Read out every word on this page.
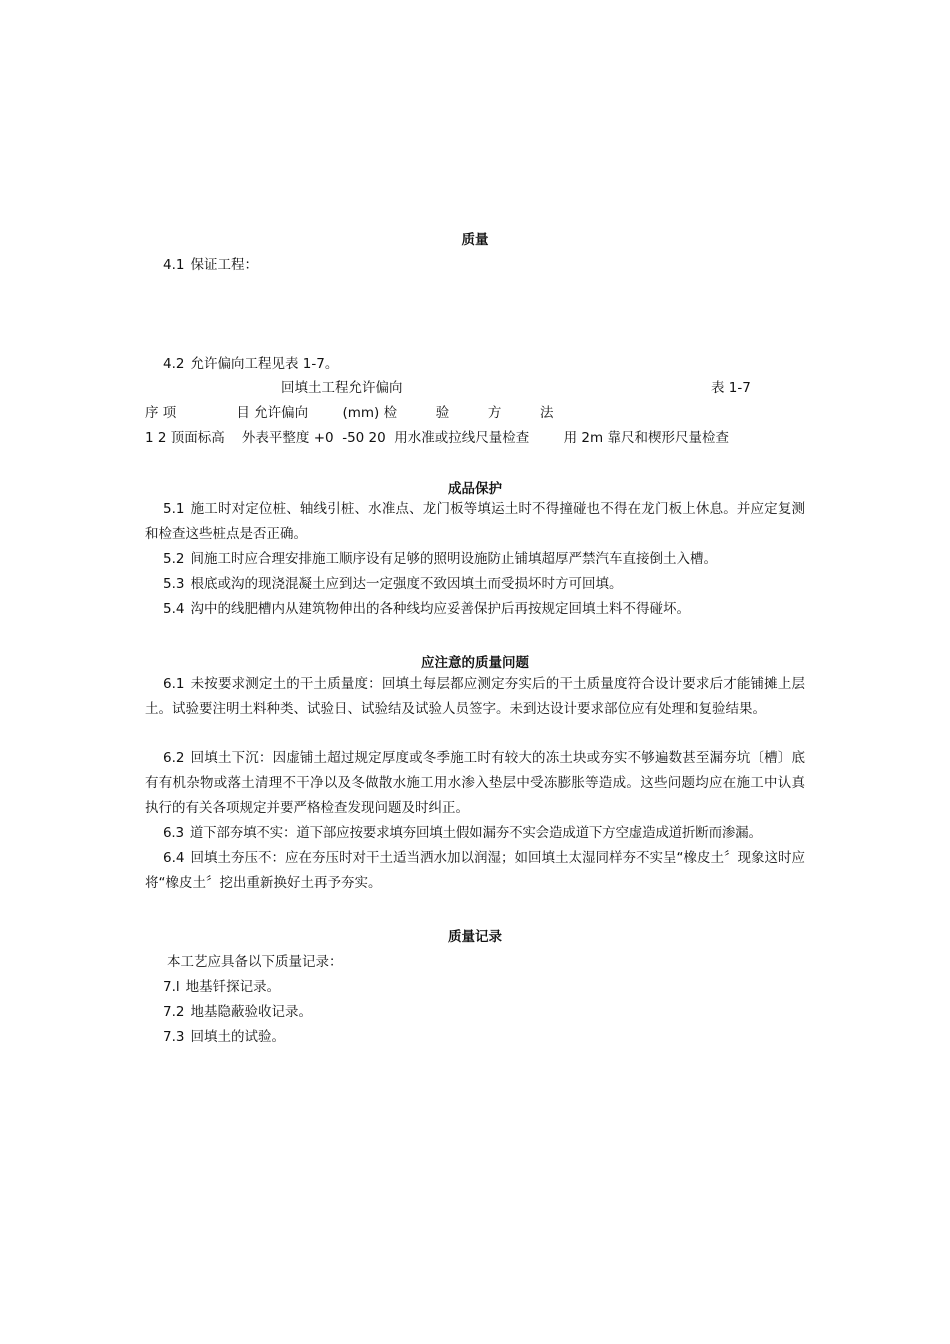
质量
4.1 保证工程：
4.2 允许偏向工程见表 1-7。
回填土工程允许偏向	表 1-7
序 项              目 允许偏向        (mm) 检         验         方         法
1 2 顶面标高    外表平整度 +0  -50 20  用水准或拉线尺量检查        用 2m 靠尺和楔形尺量检查
成品保护
5.1 施工时对定位桩、轴线引桩、水准点、龙门板等填运土时不得撞碰也不得在龙门板上休息。并应定复测和检查这些桩点是否正确。
5.2 间施工时应合理安排施工顺序设有足够的照明设施防止铺填超厚严禁汽车直接倒土入槽。
5.3 根底或沟的现浇混凝土应到达一定强度不致因填土而受损坏时方可回填。
5.4 沟中的线肥槽内从建筑物伸出的各种线均应妥善保护后再按规定回填土料不得碰坏。
应注意的质量问题
6.1 未按要求测定土的干土质量度：回填土每层都应测定夯实后的干土质量度符合设计要求后才能铺摊上层土。试验要注明土料种类、试验日、试验结及试验人员签字。未到达设计要求部位应有处理和复验结果。
6.2 回填土下沉：因虚铺土超过规定厚度或冬季施工时有较大的冻土块或夯实不够遍数甚至漏夯坑〔槽〕底有有机杂物或落土清理不干净以及冬做散水施工用水渗入垫层中受冻膨胀等造成。这些问题均应在施工中认真执行的有关各项规定并要严格检查发现问题及时纠正。
6.3 道下部夯填不实：道下部应按要求填夯回填土假如漏夯不实会造成道下方空虚造成道折断而渗漏。
6.4 回填土夯压不：应在夯压时对干土适当洒水加以润湿；如回填土太湿同样夯不实呈“橡皮土〞现象这时应将“橡皮土〞挖出重新换好土再予夯实。
质量记录
本工艺应具备以下质量记录：
7.l 地基钎探记录。
7.2 地基隐蔽验收记录。
7.3 回填土的试验。
